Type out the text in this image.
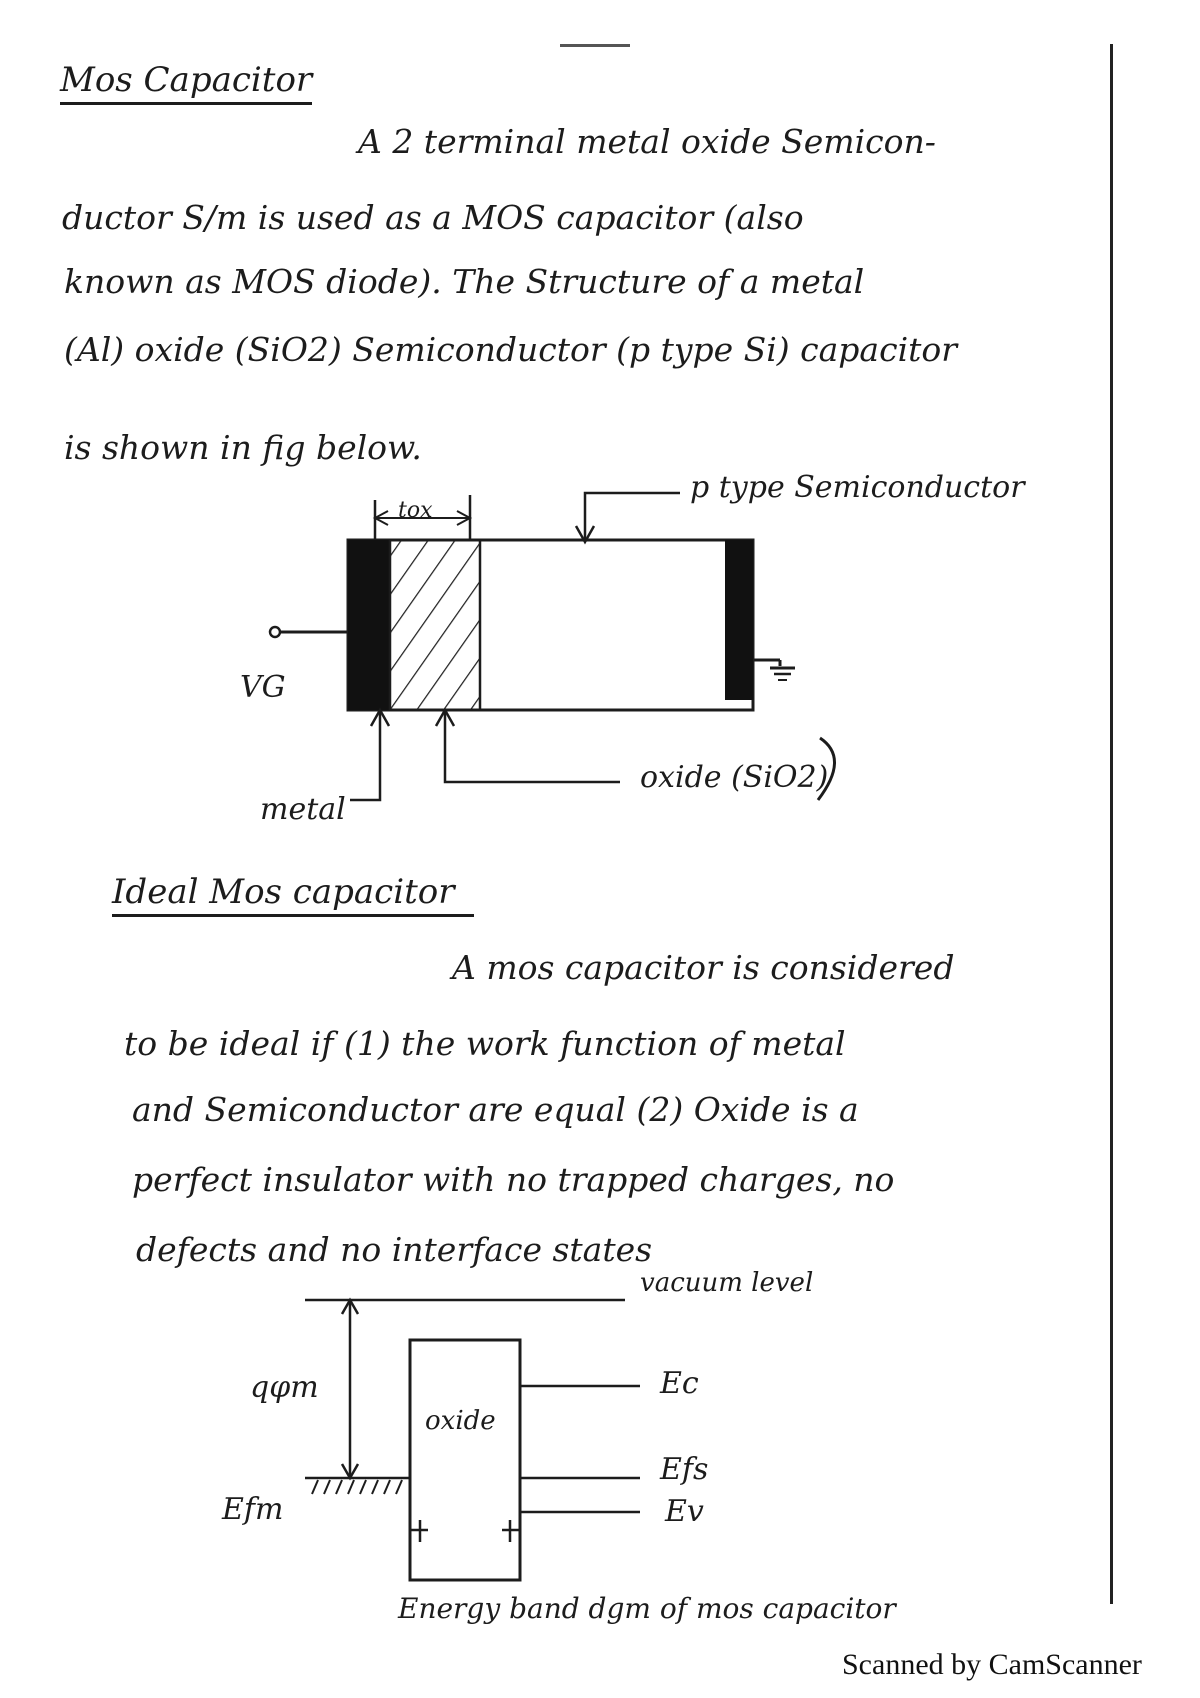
Mos Capacitor
A 2 terminal metal oxide Semicon-
ductor S/m is used as a MOS capacitor (also
known as MOS diode). The Structure of a metal
(Al) oxide (SiO2) Semiconductor (p type Si) capacitor
is shown in fig below.
tox
p type Semiconductor
VG
metal
oxide (SiO2)
Ideal Mos capacitor
A mos capacitor is considered
to be ideal if (1) the work function of metal
and Semiconductor are equal (2) Oxide is a
perfect insulator with no trapped charges, no
defects and no interface states
vacuum level
qφm
oxide
Ec
Efs
Ev
Efm
Energy band dgm of mos capacitor
Scanned by CamScanner
